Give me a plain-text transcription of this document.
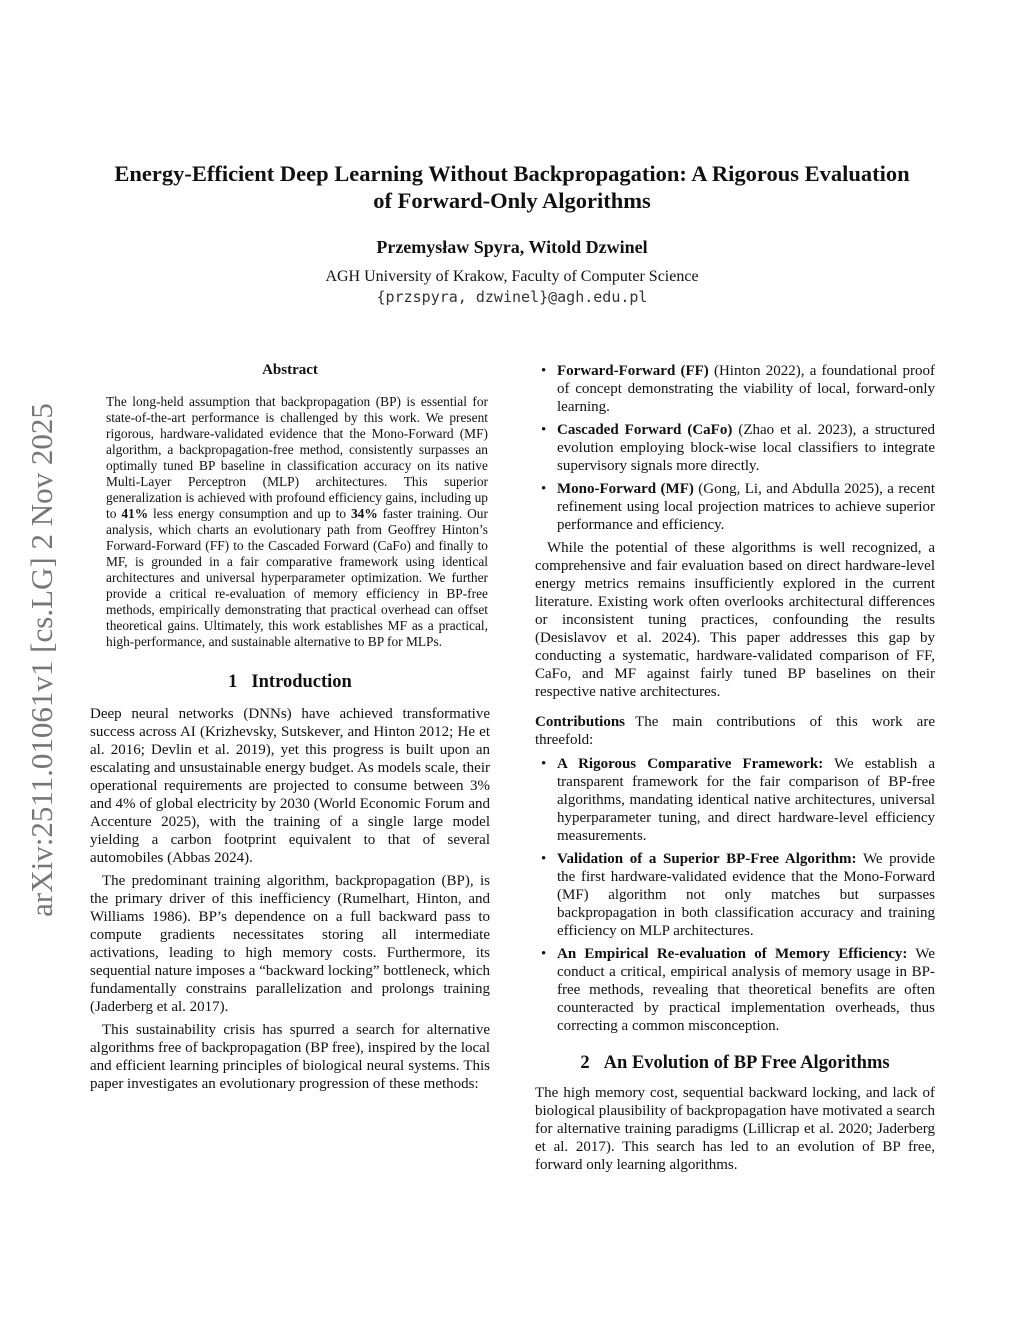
arXiv:2511.01061v1 [cs.LG] 2 Nov 2025
Energy-Efficient Deep Learning Without Backpropagation: A Rigorous Evaluation
of Forward-Only Algorithms
Przemysław Spyra, Witold Dzwinel
AGH University of Krakow, Faculty of Computer Science
{przspyra, dzwinel}@agh.edu.pl
Abstract
The long-held assumption that backpropagation (BP) is essential for state-of-the-art performance is challenged by this work. We present rigorous, hardware-validated evidence that the Mono-Forward (MF) algorithm, a backpropagation-free method, consistently surpasses an optimally tuned BP baseline in classification accuracy on its native Multi-Layer Perceptron (MLP) architectures. This superior generalization is achieved with profound efficiency gains, including up to 41% less energy consumption and up to 34% faster training. Our analysis, which charts an evolutionary path from Geoffrey Hinton’s Forward-Forward (FF) to the Cascaded Forward (CaFo) and finally to MF, is grounded in a fair comparative framework using identical architectures and universal hyperparameter optimization. We further provide a critical re-evaluation of memory efficiency in BP-free methods, empirically demonstrating that practical overhead can offset theoretical gains. Ultimately, this work establishes MF as a practical, high-performance, and sustainable alternative to BP for MLPs.
1 Introduction

Deep neural networks (DNNs) have achieved transformative success across AI (Krizhevsky, Sutskever, and Hinton 2012; He et al. 2016; Devlin et al. 2019), yet this progress is built upon an escalating and unsustainable energy budget. As models scale, their operational requirements are projected to consume between 3% and 4% of global electricity by 2030 (World Economic Forum and Accenture 2025), with the training of a single large model yielding a carbon footprint equivalent to that of several automobiles (Abbas 2024).

The predominant training algorithm, backpropagation (BP), is the primary driver of this inefficiency (Rumelhart, Hinton, and Williams 1986). BP’s dependence on a full backward pass to compute gradients necessitates storing all intermediate activations, leading to high memory costs. Furthermore, its sequential nature imposes a “backward locking” bottleneck, which fundamentally constrains parallelization and prolongs training (Jaderberg et al. 2017).

This sustainability crisis has spurred a search for alternative algorithms free of backpropagation (BP free), inspired by the local and efficient learning principles of biological neural systems. This paper investigates an evolutionary progression of these methods:

• Forward-Forward (FF) (Hinton 2022), a foundational proof of concept demonstrating the viability of local, forward-only learning.
• Cascaded Forward (CaFo) (Zhao et al. 2023), a structured evolution employing block-wise local classifiers to integrate supervisory signals more directly.
• Mono-Forward (MF) (Gong, Li, and Abdulla 2025), a recent refinement using local projection matrices to achieve superior performance and efficiency.

While the potential of these algorithms is well recognized, a comprehensive and fair evaluation based on direct hardware-level energy metrics remains insufficiently explored in the current literature. Existing work often overlooks architectural differences or inconsistent tuning practices, confounding the results (Desislavov et al. 2024). This paper addresses this gap by conducting a systematic, hardware-validated comparison of FF, CaFo, and MF against fairly tuned BP baselines on their respective native architectures.

Contributions The main contributions of this work are threefold:
• A Rigorous Comparative Framework: We establish a transparent framework for the fair comparison of BP-free algorithms, mandating identical native architectures, universal hyperparameter tuning, and direct hardware-level efficiency measurements.
• Validation of a Superior BP-Free Algorithm: We provide the first hardware-validated evidence that the Mono-Forward (MF) algorithm not only matches but surpasses backpropagation in both classification accuracy and training efficiency on MLP architectures.
• An Empirical Re-evaluation of Memory Efficiency: We conduct a critical, empirical analysis of memory usage in BP-free methods, revealing that theoretical benefits are often counteracted by practical implementation overheads, thus correcting a common misconception.
2 An Evolution of BP Free Algorithms

The high memory cost, sequential backward locking, and lack of biological plausibility of backpropagation have motivated a search for alternative training paradigms (Lillicrap et al. 2020; Jaderberg et al. 2017). This search has led to an evolution of BP free, forward only learning algorithms.
